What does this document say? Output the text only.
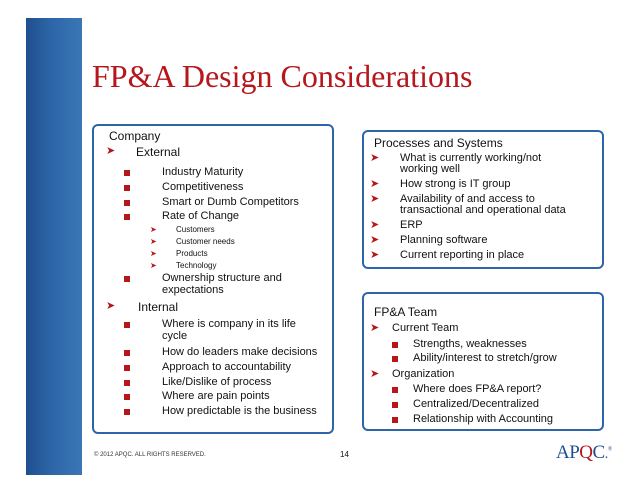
FP&A Design Considerations
Company
➤ External
Industry Maturity
Competitiveness
Smart or Dumb Competitors
Rate of Change
➤ Customers
➤ Customer needs
➤ Products
➤ Technology
Ownership structure and
expectations
➤ Internal
Where is company in its life
cycle
How do leaders make decisions
Approach to accountability
Like/Dislike of process
Where are pain points
How predictable is the business
Processes and Systems
➤ What is currently working/not
working well
➤ How strong is IT group
➤ Availability of and access to
transactional and operational data
➤ ERP
➤ Planning software
➤ Current reporting in place
FP&A Team
➤ Current Team
Strengths, weaknesses
Ability/interest to stretch/grow
➤ Organization
Where does FP&A report?
Centralized/Decentralized
Relationship with Accounting
© 2012 APQC. ALL RIGHTS RESERVED.	14	APQC.®
